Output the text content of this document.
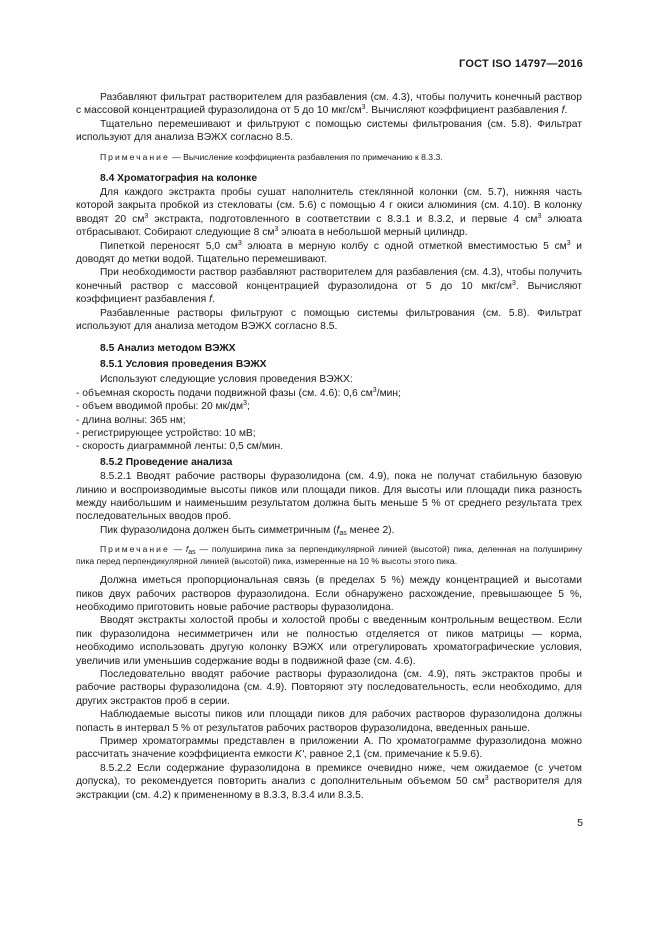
ГОСТ ISO 14797—2016

Разбавляют фильтрат растворителем для разбавления (см. 4.3), чтобы получить конечный раствор с массовой концентрацией фуразолидона от 5 до 10 мкг/$см^3$. Вычисляют коэффициент разбавления f.

Тщательно перемешивают и фильтруют с помощью системы фильтрования (см. 5.8). Фильтрат используют для анализа ВЭЖХ согласно 8.5.

Примечание — Вычисление коэффициента разбавления по примечанию к 8.3.3.

8.4 Хроматография на колонке

Для каждого экстракта пробы сушат наполнитель стеклянной колонки (см. 5.7), нижняя часть которой закрыта пробкой из стекловаты (см. 5.6) с помощью 4 г окиси алюминия (см. 4.10). В колонку вводят 20 $см^3$ экстракта, подготовленного в соответствии с 8.3.1 и 8.3.2, и первые 4 $см^3$ элюата отбрасывают. Собирают следующие 8 $см^3$ элюата в небольшой мерный цилиндр.

Пипеткой переносят 5,0 $см^3$ элюата в мерную колбу с одной отметкой вместимостью 5 $см^3$ и доводят до метки водой. Тщательно перемешивают.

При необходимости раствор разбавляют растворителем для разбавления (см. 4.3), чтобы получить конечный раствор с массовой концентрацией фуразолидона от 5 до 10 мкг/$см^3$. Вычисляют коэффициент разбавления f.

Разбавленные растворы фильтруют с помощью системы фильтрования (см. 5.8). Фильтрат используют для анализа методом ВЭЖХ согласно 8.5.

8.5 Анализ методом ВЭЖХ

8.5.1 Условия проведения ВЭЖХ

Используют следующие условия проведения ВЭЖХ:

- объемная скорость подачи подвижной фазы (см. 4.6): 0,6 $см^3$/мин;

- объем вводимой пробы: 20 $мк/дм^3$;

- длина волны: 365 нм;

- регистрирующее устройство: 10 мВ;

- скорость диаграммной ленты: 0,5 см/мин.

8.5.2 Проведение анализа

8.5.2.1 Вводят рабочие растворы фуразолидона (см. 4.9), пока не получат стабильную базовую линию и воспроизводимые высоты пиков или площади пиков. Для высоты или площади пика разность между наибольшим и наименьшим результатом должна быть меньше 5 % от среднего результата трех последовательных вводов проб.

Пик фуразолидона должен быть симметричным ($f_{as}$ менее 2).

Примечание — $f_{as}$ — полуширина пика за перпендикулярной линией (высотой) пика, деленная на полуширину пика перед перпендикулярной линией (высотой) пика, измеренные на 10 % высоты этого пика.

Должна иметься пропорциональная связь (в пределах 5 %) между концентрацией и высотами пиков двух рабочих растворов фуразолидона. Если обнаружено расхождение, превышающее 5 %, необходимо приготовить новые рабочие растворы фуразолидона.

Вводят экстракты холостой пробы и холостой пробы с введенным контрольным веществом. Если пик фуразолидона несимметричен или не полностью отделяется от пиков матрицы — корма, необходимо использовать другую колонку ВЭЖХ или отрегулировать хроматографические условия, увеличив или уменьшив содержание воды в подвижной фазе (см. 4.6).

Последовательно вводят рабочие растворы фуразолидона (см. 4.9), пять экстрактов пробы и рабочие растворы фуразолидона (см. 4.9). Повторяют эту последовательность, если необходимо, для других экстрактов проб в серии.

Наблюдаемые высоты пиков или площади пиков для рабочих растворов фуразолидона должны попасть в интервал 5 % от результатов рабочих растворов фуразолидона, введенных раньше.

Пример хроматограммы представлен в приложении А. По хроматограмме фуразолидона можно рассчитать значение коэффициента емкости K', равное 2,1 (см. примечание к 5.9.6).

8.5.2.2 Если содержание фуразолидона в премиксе очевидно ниже, чем ожидаемое (с учетом допуска), то рекомендуется повторить анализ с дополнительным объемом 50 $см^3$ растворителя для экстракции (см. 4.2) к примененному в 8.3.3, 8.3.4 или 8.3.5.

5
